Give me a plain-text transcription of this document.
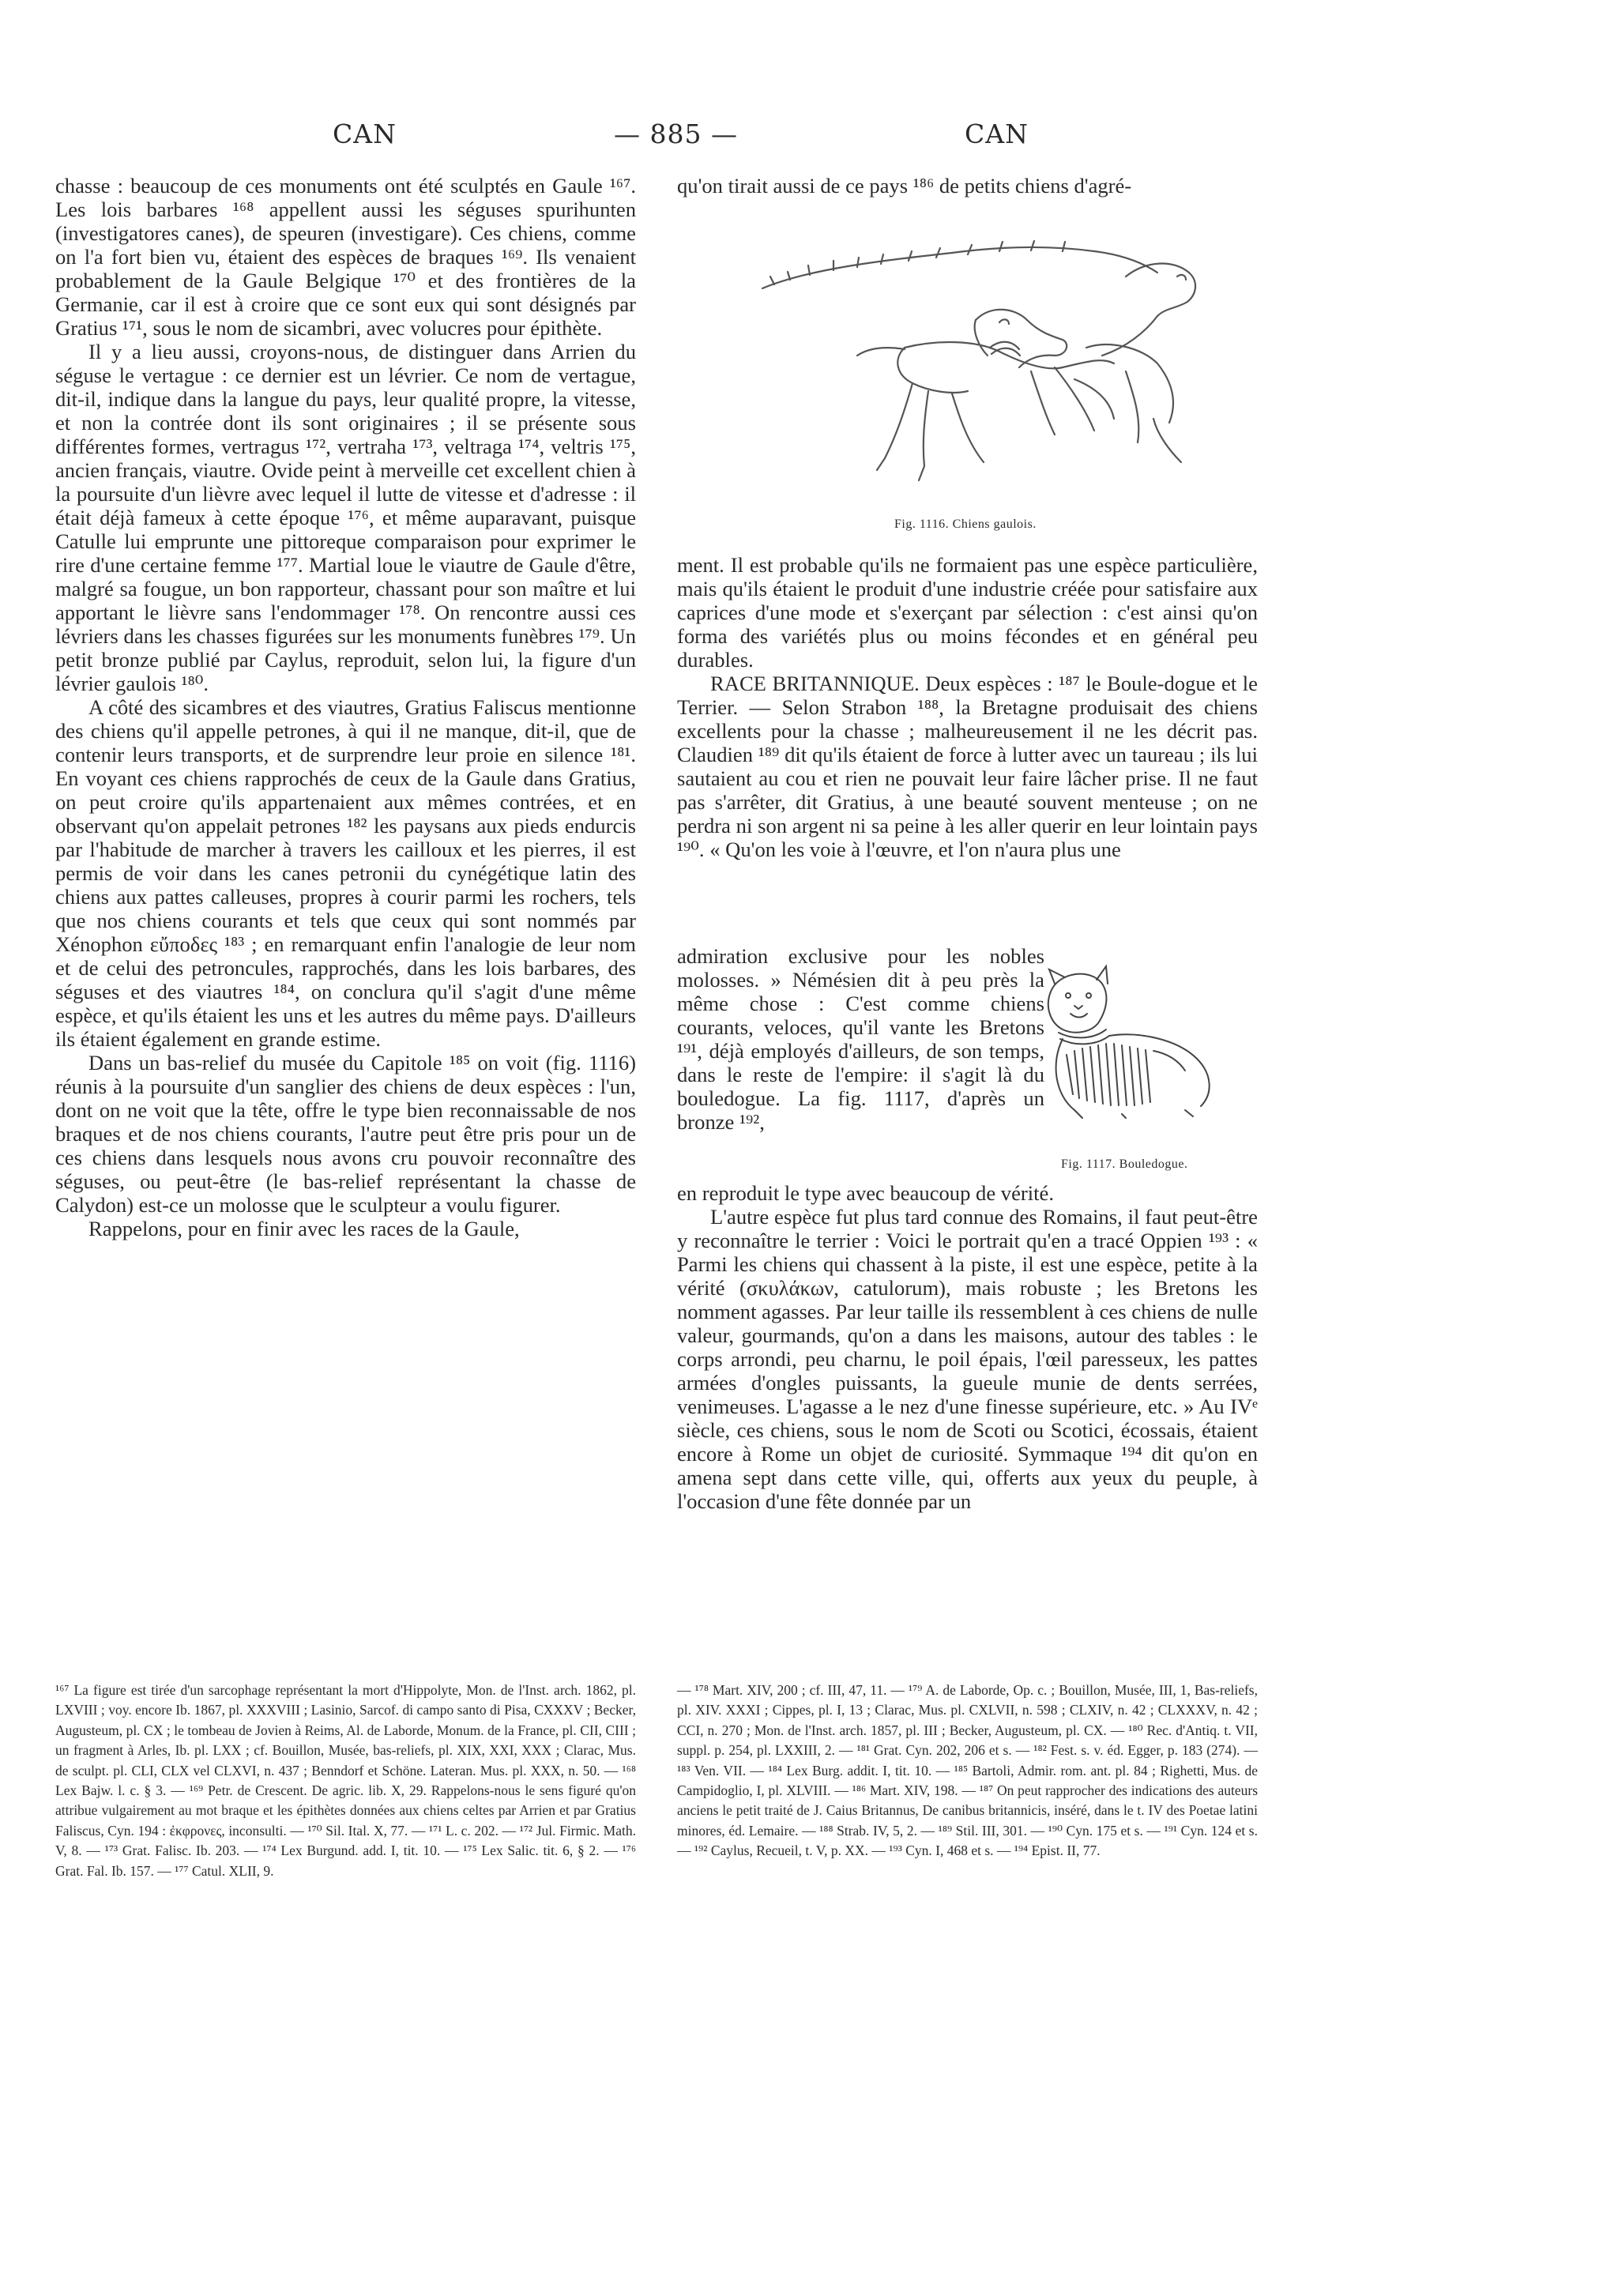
CAN	— 885 —	CAN

chasse : beaucoup de ces monuments ont été sculptés en Gaule ¹⁶⁷. Les lois barbares ¹⁶⁸ appellent aussi les séguses spurihunten (investigatores canes), de speuren (investigare). Ces chiens, comme on l'a fort bien vu, étaient des espèces de braques ¹⁶⁹. Ils venaient probablement de la Gaule Belgique ¹⁷⁰ et des frontières de la Germanie, car il est à croire que ce sont eux qui sont désignés par Gratius ¹⁷¹, sous le nom de sicambri, avec volucres pour épithète.

Il y a lieu aussi, croyons-nous, de distinguer dans Arrien du séguse le vertague : ce dernier est un lévrier. Ce nom de vertague, dit-il, indique dans la langue du pays, leur qualité propre, la vitesse, et non la contrée dont ils sont originaires ; il se présente sous différentes formes, vertragus ¹⁷², vertraha ¹⁷³, veltraga ¹⁷⁴, veltris ¹⁷⁵, ancien français, viautre. Ovide peint à merveille cet excellent chien à la poursuite d'un lièvre avec lequel il lutte de vitesse et d'adresse : il était déjà fameux à cette époque ¹⁷⁶, et même auparavant, puisque Catulle lui emprunte une pittoreque comparaison pour exprimer le rire d'une certaine femme ¹⁷⁷. Martial loue le viautre de Gaule d'être, malgré sa fougue, un bon rapporteur, chassant pour son maître et lui apportant le lièvre sans l'endommager ¹⁷⁸. On rencontre aussi ces lévriers dans les chasses figurées sur les monuments funèbres ¹⁷⁹. Un petit bronze publié par Caylus, reproduit, selon lui, la figure d'un lévrier gaulois ¹⁸⁰.

A côté des sicambres et des viautres, Gratius Faliscus mentionne des chiens qu'il appelle petrones, à qui il ne manque, dit-il, que de contenir leurs transports, et de surprendre leur proie en silence ¹⁸¹. En voyant ces chiens rapprochés de ceux de la Gaule dans Gratius, on peut croire qu'ils appartenaient aux mêmes contrées, et en observant qu'on appelait petrones ¹⁸² les paysans aux pieds endurcis par l'habitude de marcher à travers les cailloux et les pierres, il est permis de voir dans les canes petronii du cynégétique latin des chiens aux pattes calleuses, propres à courir parmi les rochers, tels que nos chiens courants et tels que ceux qui sont nommés par Xénophon εὔποδες ¹⁸³ ; en remarquant enfin l'analogie de leur nom et de celui des petroncules, rapprochés, dans les lois barbares, des séguses et des viautres ¹⁸⁴, on conclura qu'il s'agit d'une même espèce, et qu'ils étaient les uns et les autres du même pays. D'ailleurs ils étaient également en grande estime.

Dans un bas-relief du musée du Capitole ¹⁸⁵ on voit (fig. 1116) réunis à la poursuite d'un sanglier des chiens de deux espèces : l'un, dont on ne voit que la tête, offre le type bien reconnaissable de nos braques et de nos chiens courants, l'autre peut être pris pour un de ces chiens dans lesquels nous avons cru pouvoir reconnaître des séguses, ou peut-être (le bas-relief représentant la chasse de Calydon) est-ce un molosse que le sculpteur a voulu figurer.

Rappelons, pour en finir avec les races de la Gaule,

qu'on tirait aussi de ce pays ¹⁸⁶ de petits chiens d'agré-

Fig. 1116. Chiens gaulois.

ment. Il est probable qu'ils ne formaient pas une espèce particulière, mais qu'ils étaient le produit d'une industrie créée pour satisfaire aux caprices d'une mode et s'exerçant par sélection : c'est ainsi qu'on forma des variétés plus ou moins fécondes et en général peu durables.

RACE BRITANNIQUE. Deux espèces : ¹⁸⁷ le Boule-dogue et le Terrier. — Selon Strabon ¹⁸⁸, la Bretagne produisait des chiens excellents pour la chasse ; malheureusement il ne les décrit pas. Claudien ¹⁸⁹ dit qu'ils étaient de force à lutter avec un taureau ; ils lui sautaient au cou et rien ne pouvait leur faire lâcher prise. Il ne faut pas s'arrêter, dit Gratius, à une beauté souvent menteuse ; on ne perdra ni son argent ni sa peine à les aller querir en leur lointain pays ¹⁹⁰. « Qu'on les voie à l'œuvre, et l'on n'aura plus une

admiration exclusive pour les nobles molosses. » Némésien dit à peu près la même chose : C'est comme chiens courants, veloces, qu'il vante les Bretons ¹⁹¹, déjà employés d'ailleurs, de son temps, dans le reste de l'empire: il s'agit là du bouledogue. La fig. 1117, d'après un bronze ¹⁹²,

Fig. 1117. Bouledogue.

en reproduit le type avec beaucoup de vérité.

L'autre espèce fut plus tard connue des Romains, il faut peut-être y reconnaître le terrier : Voici le portrait qu'en a tracé Oppien ¹⁹³ : « Parmi les chiens qui chassent à la piste, il est une espèce, petite à la vérité (σκυλάκων, catulorum), mais robuste ; les Bretons les nomment agasses. Par leur taille ils ressemblent à ces chiens de nulle valeur, gourmands, qu'on a dans les maisons, autour des tables : le corps arrondi, peu charnu, le poil épais, l'œil paresseux, les pattes armées d'ongles puissants, la gueule munie de dents serrées, venimeuses. L'agasse a le nez d'une finesse supérieure, etc. » Au IVᵉ siècle, ces chiens, sous le nom de Scoti ou Scotici, écossais, étaient encore à Rome un objet de curiosité. Symmaque ¹⁹⁴ dit qu'on en amena sept dans cette ville, qui, offerts aux yeux du peuple, à l'occasion d'une fête donnée par un

¹⁶⁷ La figure est tirée d'un sarcophage représentant la mort d'Hippolyte, Mon. de l'Inst. arch. 1862, pl. LXVIII ; voy. encore Ib. 1867, pl. XXXVIII ; Lasinio, Sarcof. di campo santo di Pisa, CXXXV ; Becker, Augusteum, pl. CX ; le tombeau de Jovien à Reims, Al. de Laborde, Monum. de la France, pl. CII, CIII ; un fragment à Arles, Ib. pl. LXX ; cf. Bouillon, Musée, bas-reliefs, pl. XIX, XXI, XXX ; Clarac, Mus. de sculpt. pl. CLI, CLX vel CLXVI, n. 437 ; Benndorf et Schöne. Lateran. Mus. pl. XXX, n. 50. — ¹⁶⁸ Lex Bajw. l. c. § 3. — ¹⁶⁹ Petr. de Crescent. De agric. lib. X, 29. Rappelons-nous le sens figuré qu'on attribue vulgairement au mot braque et les épithètes données aux chiens celtes par Arrien et par Gratius Faliscus, Cyn. 194 : ἐκφρονες, inconsulti. — ¹⁷⁰ Sil. Ital. X, 77. — ¹⁷¹ L. c. 202. — ¹⁷² Jul. Firmic. Math. V, 8. — ¹⁷³ Grat. Falisc. Ib. 203. — ¹⁷⁴ Lex Burgund. add. I, tit. 10. — ¹⁷⁵ Lex Salic. tit. 6, § 2. — ¹⁷⁶ Grat. Fal. Ib. 157. — ¹⁷⁷ Catul. XLII, 9.

— ¹⁷⁸ Mart. XIV, 200 ; cf. III, 47, 11. — ¹⁷⁹ A. de Laborde, Op. c. ; Bouillon, Musée, III, 1, Bas-reliefs, pl. XIV. XXXI ; Cippes, pl. I, 13 ; Clarac, Mus. pl. CXLVII, n. 598 ; CLXIV, n. 42 ; CLXXXV, n. 42 ; CCI, n. 270 ; Mon. de l'Inst. arch. 1857, pl. III ; Becker, Augusteum, pl. CX. — ¹⁸⁰ Rec. d'Antiq. t. VII, suppl. p. 254, pl. LXXIII, 2. — ¹⁸¹ Grat. Cyn. 202, 206 et s. — ¹⁸² Fest. s. v. éd. Egger, p. 183 (274). — ¹⁸³ Ven. VII. — ¹⁸⁴ Lex Burg. addit. I, tit. 10. — ¹⁸⁵ Bartoli, Admir. rom. ant. pl. 84 ; Righetti, Mus. de Campidoglio, I, pl. XLVIII. — ¹⁸⁶ Mart. XIV, 198. — ¹⁸⁷ On peut rapprocher des indications des auteurs anciens le petit traité de J. Caius Britannus, De canibus britannicis, inséré, dans le t. IV des Poetae latini minores, éd. Lemaire. — ¹⁸⁸ Strab. IV, 5, 2. — ¹⁸⁹ Stil. III, 301. — ¹⁹⁰ Cyn. 175 et s. — ¹⁹¹ Cyn. 124 et s. — ¹⁹² Caylus, Recueil, t. V, p. XX. — ¹⁹³ Cyn. I, 468 et s. — ¹⁹⁴ Epist. II, 77.
